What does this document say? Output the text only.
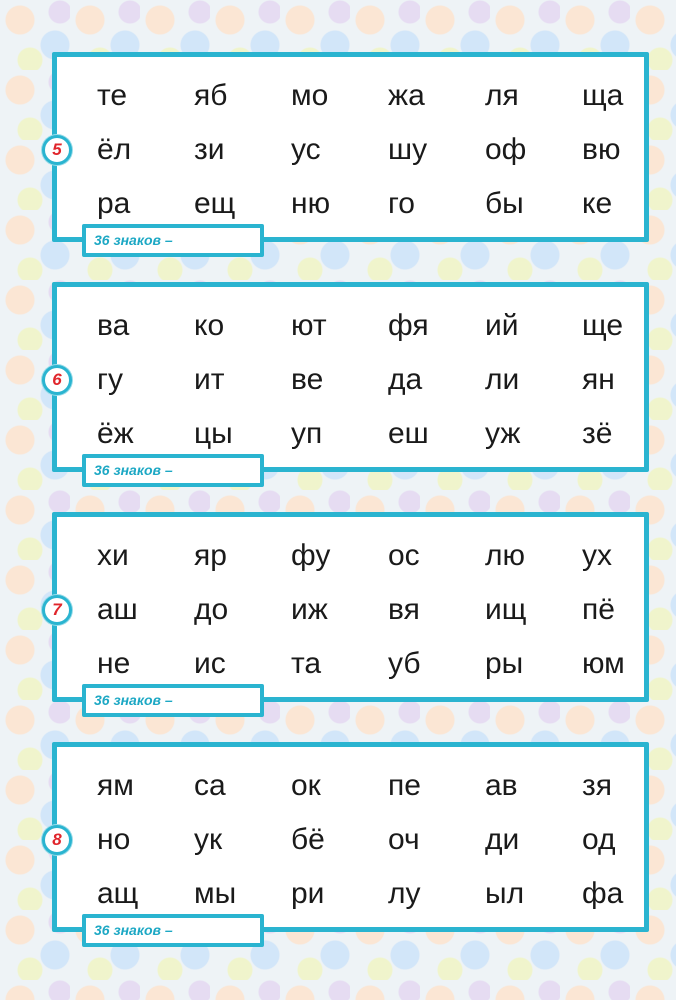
те	яб	мо	жа	ля	ща
ёл	зи	ус	шу	оф	вю
ра	ещ	ню	го	бы	ке
5
36 знаков –
ва	ко	ют	фя	ий	ще
гу	ит	ве	да	ли	ян
ёж	цы	уп	еш	уж	зё
6
36 знаков –
хи	яр	фу	ос	лю	ух
аш	до	иж	вя	ищ	пё
не	ис	та	уб	ры	юм
7
36 знаков –
ям	са	ок	пе	ав	зя
но	ук	бё	оч	ди	од
ащ	мы	ри	лу	ыл	фа
8
36 знаков –
